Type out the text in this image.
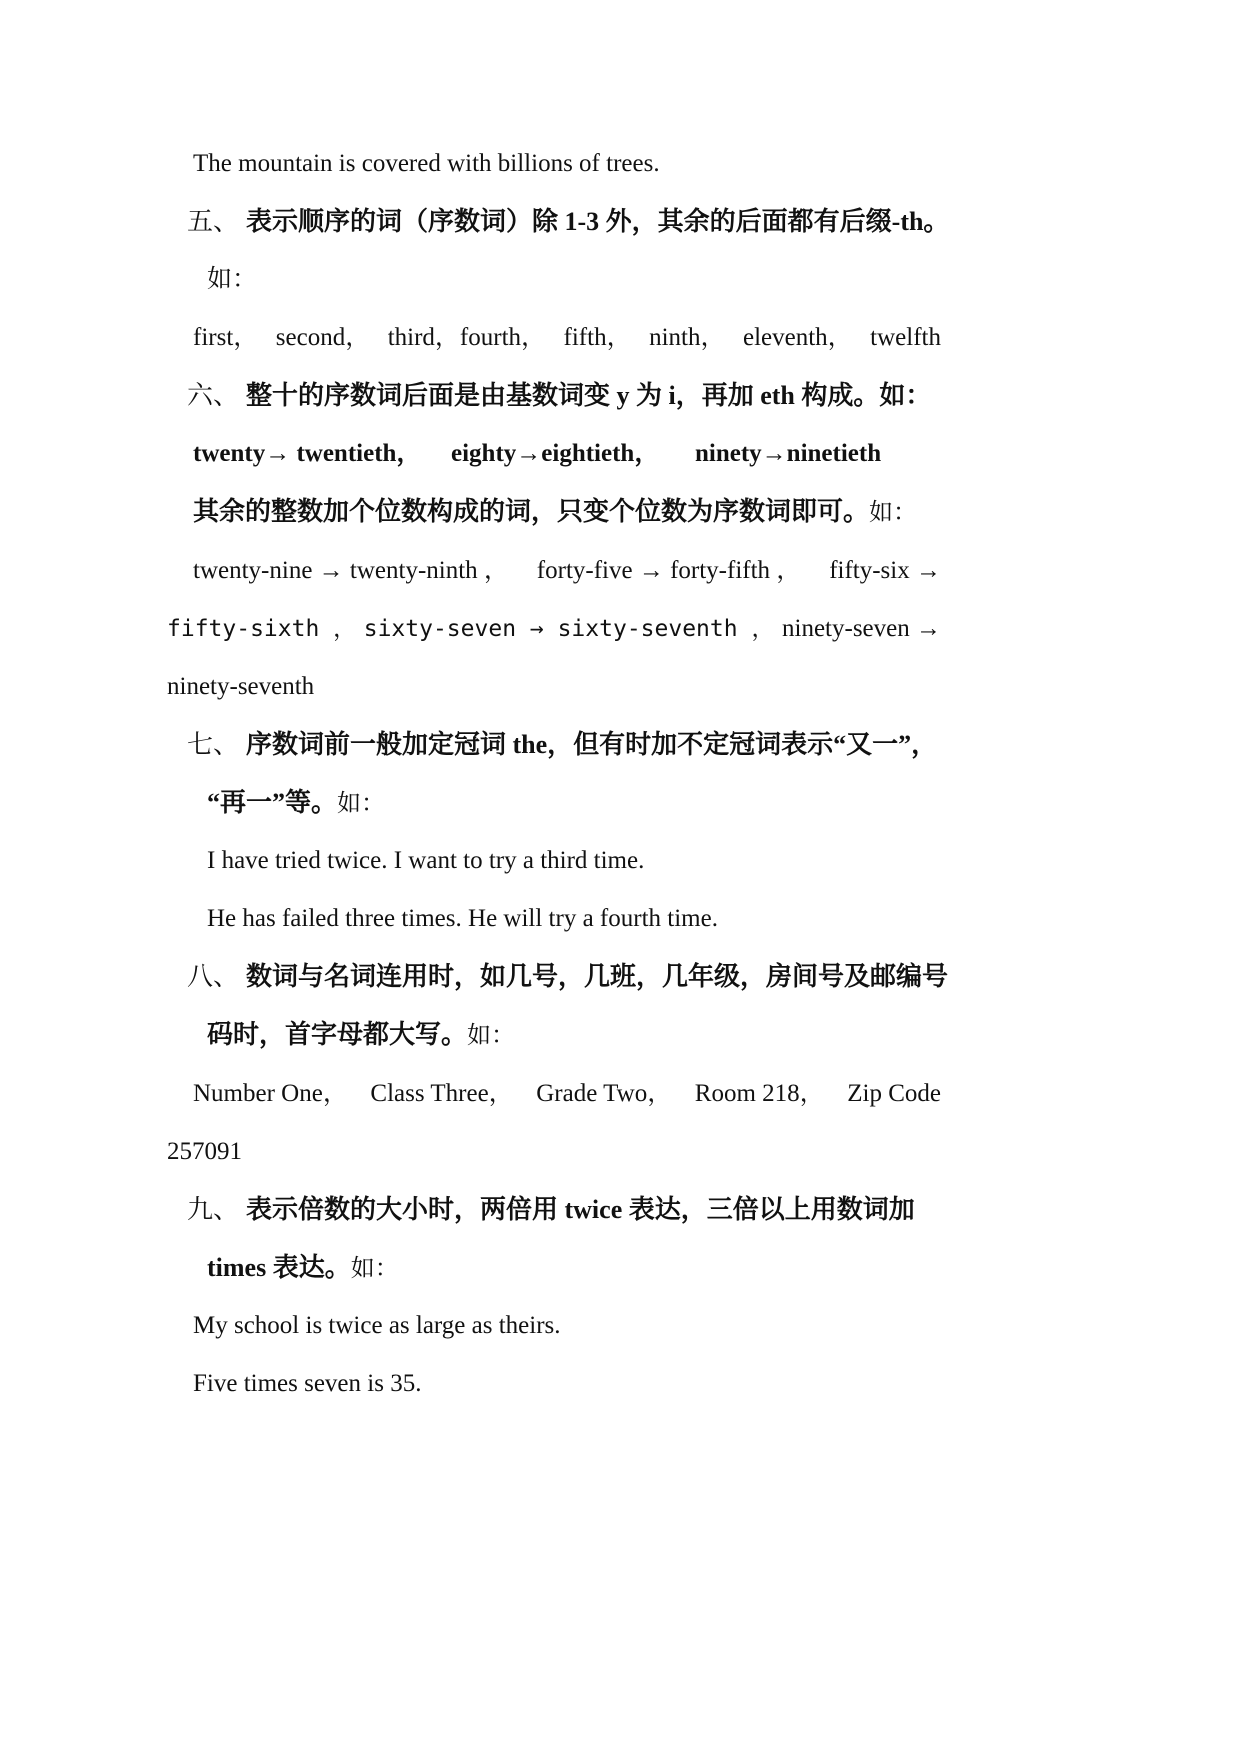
The mountain is covered with billions of trees.
五、 表示顺序的词（序数词）除 1-3 外，其余的后面都有后缀-th。
如：
first， second， third，fourth， fifth， ninth， eleventh， twelfth
六、 整十的序数词后面是由基数词变 y 为 i，再加 eth 构成。如：
twenty→ twentieth， eighty→eightieth， ninety→ninetieth
其余的整数加个位数构成的词，只变个位数为序数词即可。如：
twenty-nine → twenty-ninth ， forty-five → forty-fifth ， fifty-six →
fifty-sixth ， sixty-seven → sixty-seventh ， ninety-seven →
ninety-seventh
七、 序数词前一般加定冠词 the，但有时加不定冠词表示“又一”，
“再一”等。如：
I have tried twice. I want to try a third time.
He has failed three times. He will try a fourth time.
八、 数词与名词连用时，如几号，几班，几年级，房间号及邮编号
码时，首字母都大写。如：
Number One， Class Three， Grade Two， Room 218， Zip Code
257091
九、 表示倍数的大小时，两倍用 twice 表达，三倍以上用数词加
times 表达。如：
My school is twice as large as theirs.
Five times seven is 35.
